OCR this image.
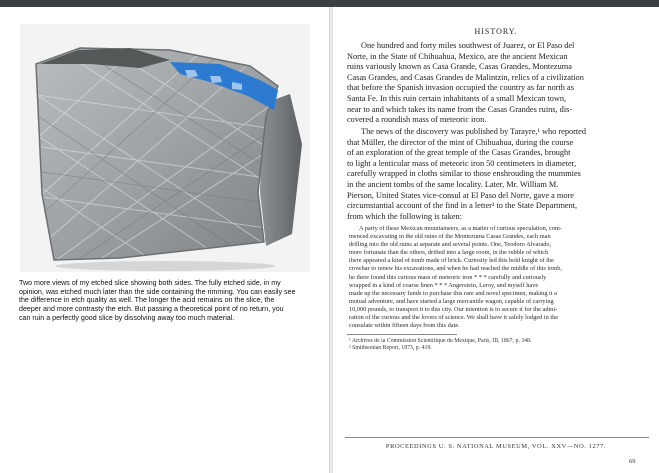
Two more views of my etched slice showing both sides. The fully etched side, in my
opinion, was etched much later than the side containing the rimming. You can easily see
the difference in etch quality as well. The longer the acid remains on the slice, the
deeper and more contrasty the etch. But passing a theoretical point of no return, you
can ruin a perfectly good slice by dissolving away too much material.
HISTORY.
One hundred and forty miles southwest of Juarez, or El Paso del
Norte, in the State of Chihuahua, Mexico, are the ancient Mexican
ruins variously known as Casa Grande, Casas Grandes, Montezuma
Casas Grandes, and Casas Grandes de Malintzin, relics of a civilization
that before the Spanish invasion occupied the country as far north as
Santa Fe. In this ruin certain inhabitants of a small Mexican town,
near to and which takes its name from the Casas Grandes ruins, dis-
covered a roundish mass of meteoric iron.
The news of the discovery was published by Tarayre,¹ who reported
that Müller, the director of the mint of Chihuahua, during the course
of an exploration of the great temple of the Casas Grandes, brought
to light a lenticular mass of meteoric iron 50 centimeters in diameter,
carefully wrapped in cloths similar to those enshrouding the mummies
in the ancient tombs of the same locality. Later, Mr. William M.
Pierson, United States vice-consul at El Paso del Norte, gave a more
circumstantial account of the find in a letter² to the State Department,
from which the following is taken:
A party of these Mexican mountaineers, as a matter of curious speculation, com-
menced excavating in the old ruins of the Montezuma Casas Grandes, each man
drilling into the old ruins at separate and several points. One, Teodoro Alvarado,
more fortunate than the others, drifted into a large room, in the rubble of which
there appeared a kind of tomb made of brick. Curiosity led this bold knight of the
crowbar to renew his excavations, and when he had reached the middle of this tomb,
he there found this curious mass of meteoric iron * * * carefully and curiously
wrapped in a kind of coarse linen * * * Angerstein, Leroy, and myself have
made up the necessary funds to purchase this rare and novel specimen, making it a
mutual adventure, and have started a large mercantile wagon, capable of carrying
10,000 pounds, to transport it to this city. Our intention is to secure it for the admi-
ration of the curious and the lovers of science. We shall have it safely lodged in the
consulate within fifteen days from this date.
¹ Archives de la Commission Scientifique du Mexique, Paris, III, 1867, p. 348.
² Smithsonian Report, 1873, p. 419.
PROCEEDINGS U. S. NATIONAL MUSEUM, VOL. XXV—NO. 1277.
69
